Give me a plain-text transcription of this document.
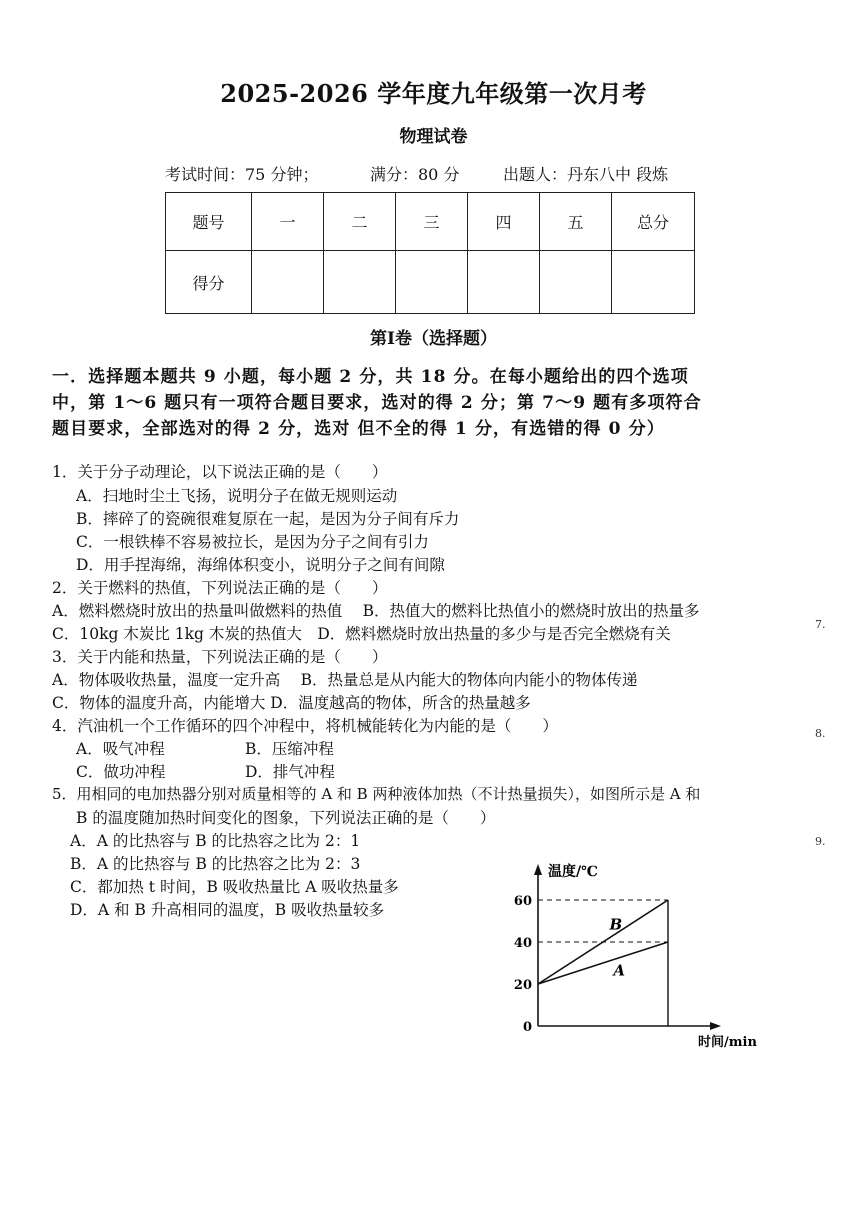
2025-2026 学年度九年级第一次月考
物理试卷
考试时间：75 分钟；	满分：80 分	出题人：丹东八中 段炼
题号	一	二	三	四	五	总分
得分						
第Ⅰ卷（选择题）
一．选择题本题共 9 小题，每小题 2 分，共 18 分。在每小题给出的四个选项
中，第 1～6 题只有一项符合题目要求，选对的得 2 分；第 7～9 题有多项符合
题目要求，全部选对的得 2 分，选对 但不全的得 1 分，有选错的得 0 分）
1．关于分子动理论，以下说法正确的是（　　）
A．扫地时尘土飞扬，说明分子在做无规则运动
B．摔碎了的瓷碗很难复原在一起，是因为分子间有斥力
C．一根铁棒不容易被拉长，是因为分子之间有引力
D．用手捏海绵，海绵体积变小，说明分子之间有间隙
2．关于燃料的热值，下列说法正确的是（　　）
A．燃料燃烧时放出的热量叫做燃料的热值　 B．热值大的燃料比热值小的燃烧时放出的热量多
C．10kg 木炭比 1kg 木炭的热值大　D．燃料燃烧时放出热量的多少与是否完全燃烧有关
3．关于内能和热量，下列说法正确的是（　　）
A．物体吸收热量，温度一定升高　 B．热量总是从内能大的物体向内能小的物体传递
C．物体的温度升高，内能增大 D．温度越高的物体，所含的热量越多
4．汽油机一个工作循环的四个冲程中，将机械能转化为内能的是（　　）
A．吸气冲程	B．压缩冲程
C．做功冲程	D．排气冲程
5．用相同的电加热器分别对质量相等的 A 和 B 两种液体加热（不计热量损失），如图所示是 A 和
B 的温度随加热时间变化的图象，下列说法正确的是（　　）
A．A 的比热容与 B 的比热容之比为 2：1
B．A 的比热容与 B 的比热容之比为 2：3
C．都加热 t 时间，B 吸收热量比 A 吸收热量多
D．A 和 B 升高相同的温度，B 吸收热量较多
7.
8.
9.
0
20
40
60
B
A
温度/℃
时间/min
